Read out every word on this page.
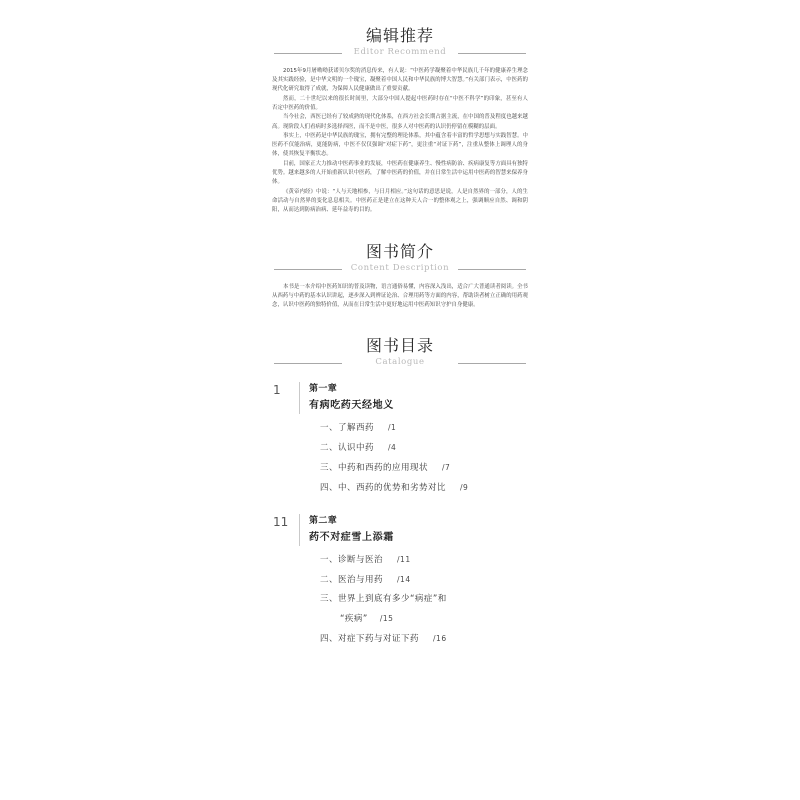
编辑推荐
Editor Recommend

2015年9月屠呦呦获诺贝尔奖的消息传来，有人说：“中医药学凝聚着中华民族几千年的健康养生理念及其实践经验，是中华文明的一个瑰宝，凝聚着中国人民和中华民族的博大智慧。”有关部门表示，中医药的现代化研究取得了成就，为保障人民健康做出了重要贡献。

然而，二十世纪以来的很长时间里，大部分中国人提起中医药时存在“中医不科学”的印象，甚至有人否定中医药的价值。

当今社会，西医已经有了较成熟的现代化体系，在西方社会长期占据主流，在中国的普及程度也越来越高。现阶段人们看病时多选择西医，而不是中医，很多人对中医药的认识仍停留在模糊的层面。

事实上，中医药是中华民族的瑰宝，拥有完整的理论体系，其中蕴含着丰富的哲学思想与实践智慧。中医药不仅能治病，更能防病，中医不仅仅强调“对症下药”，更注重“对证下药”，注重从整体上调理人的身体，使其恢复平衡状态。

目前，国家正大力推动中医药事业的发展，中医药在健康养生、慢性病防治、疾病康复等方面具有独特优势。越来越多的人开始重新认识中医药，了解中医药的价值，并在日常生活中运用中医药的智慧来保养身体。

《黄帝内经》中说：“人与天地相参，与日月相应。”这句话的意思是说，人是自然界的一部分，人的生命活动与自然界的变化息息相关。中医药正是建立在这种天人合一的整体观之上，强调顺应自然、调和阴阳，从而达到防病治病、延年益寿的目的。

图书简介
Content Description

本书是一本介绍中医药知识的普及读物，语言通俗易懂，内容深入浅出，适合广大普通读者阅读。全书从西药与中药的基本认识讲起，逐步深入到辨证论治、合理用药等方面的内容，帮助读者树立正确的用药观念，认识中医药的独特价值，从而在日常生活中更好地运用中医药知识守护自身健康。

图书目录
Catalogue
1	第一章
有病吃药天经地义
一、了解西药 /1
二、认识中药 /4
三、中药和西药的应用现状 /7
四、中、西药的优势和劣势对比 /9
11	第二章
药不对症雪上添霜
一、诊断与医治 /11
二、医治与用药 /14
三、世界上到底有多少“病症”和
“疾病” /15
四、对症下药与对证下药 /16
